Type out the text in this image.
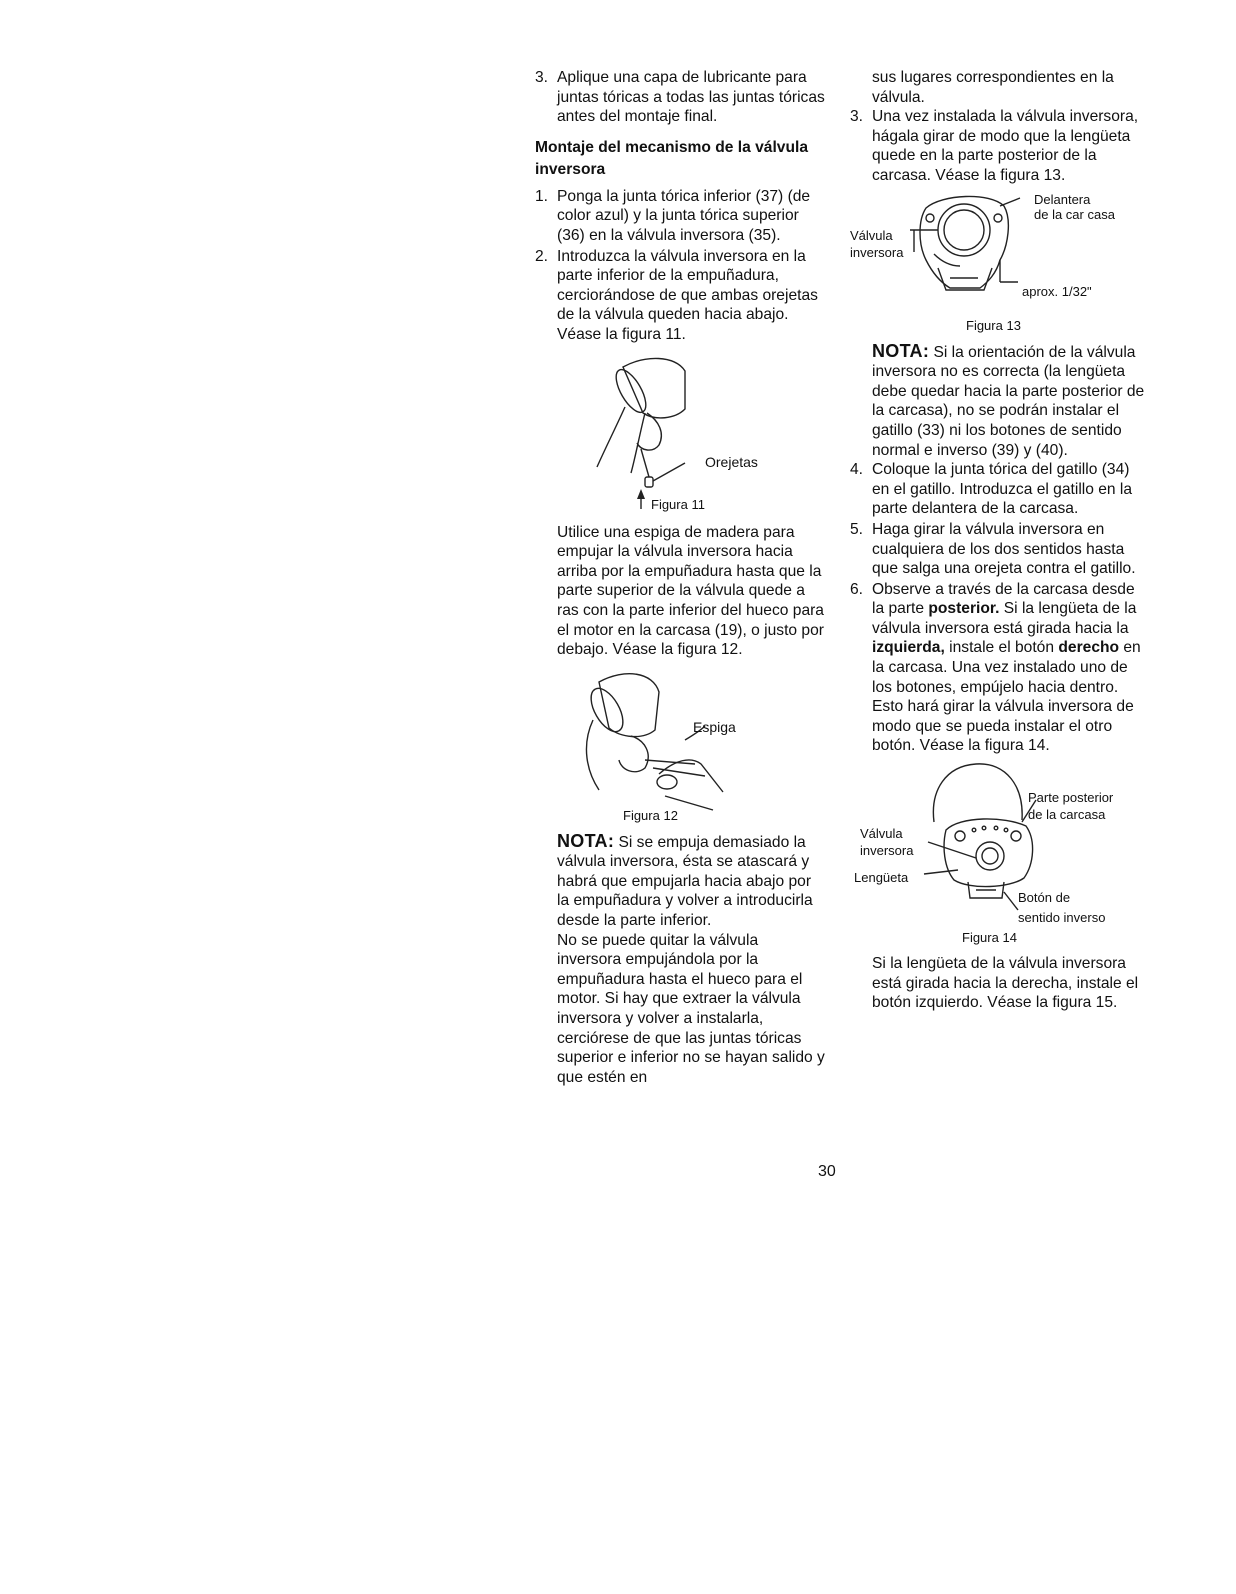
3. Aplique una capa de lubricante para juntas tóricas a todas las juntas tóricas antes del montaje final.
Montaje del mecanismo de la válvula inversora
1. Ponga la junta tórica inferior (37) (de color azul) y la junta tórica superior (36) en la válvula inversora (35).
2. Introduzca la válvula inversora en la parte inferior de la empuñadura, cerciorándose de que ambas orejetas de la válvula queden hacia abajo. Véase la figura 11.
Orejetas
Figura 11
Utilice una espiga de madera para empujar la válvula inversora hacia arriba por la empuñadura hasta que la parte superior de la válvula quede a ras con la parte inferior del hueco para el motor en la carcasa (19), o justo por debajo. Véase la figura 12.
Espiga
Figura 12
NOTA: Si se empuja demasiado la válvula inversora, ésta se atascará y habrá que empujarla hacia abajo por la empuñadura y volver a introducirla desde la parte inferior.
No se puede quitar la válvula inversora empujándola por la empuñadura hasta el hueco para el motor. Si hay que extraer la válvula inversora y volver a instalarla, cerciórese de que las juntas tóricas superior e inferior no se hayan salido y que estén en
sus lugares correspondientes en la válvula.
3. Una vez instalada la válvula inversora, hágala girar de modo que la lengüeta quede en la parte posterior de la carcasa. Véase la figura 13.
Delantera
de la car casa
Válvula
inversora
aprox. 1/32"
Figura 13
NOTA: Si la orientación de la válvula inversora no es correcta (la lengüeta debe quedar hacia la parte posterior de la carcasa), no se podrán instalar el gatillo (33) ni los botones de sentido normal e inverso (39) y (40).
4. Coloque la junta tórica del gatillo (34) en el gatillo. Introduzca el gatillo en la parte delantera de la carcasa.
5. Haga girar la válvula inversora en cualquiera de los dos sentidos hasta que salga una orejeta contra el gatillo.
6. Observe a través de la carcasa desde la parte posterior. Si la lengüeta de la válvula inversora está girada hacia la izquierda, instale el botón derecho en la carcasa. Una vez instalado uno de los botones, empújelo hacia dentro. Esto hará girar la válvula inversora de modo que se pueda instalar el otro botón. Véase la figura 14.
Parte posterior
de la carcasa
Válvula
inversora
Lengüeta
Botón de
sentido inverso
Figura 14
Si la lengüeta de la válvula inversora está girada hacia la derecha, instale el botón izquierdo. Véase la figura 15.
30
